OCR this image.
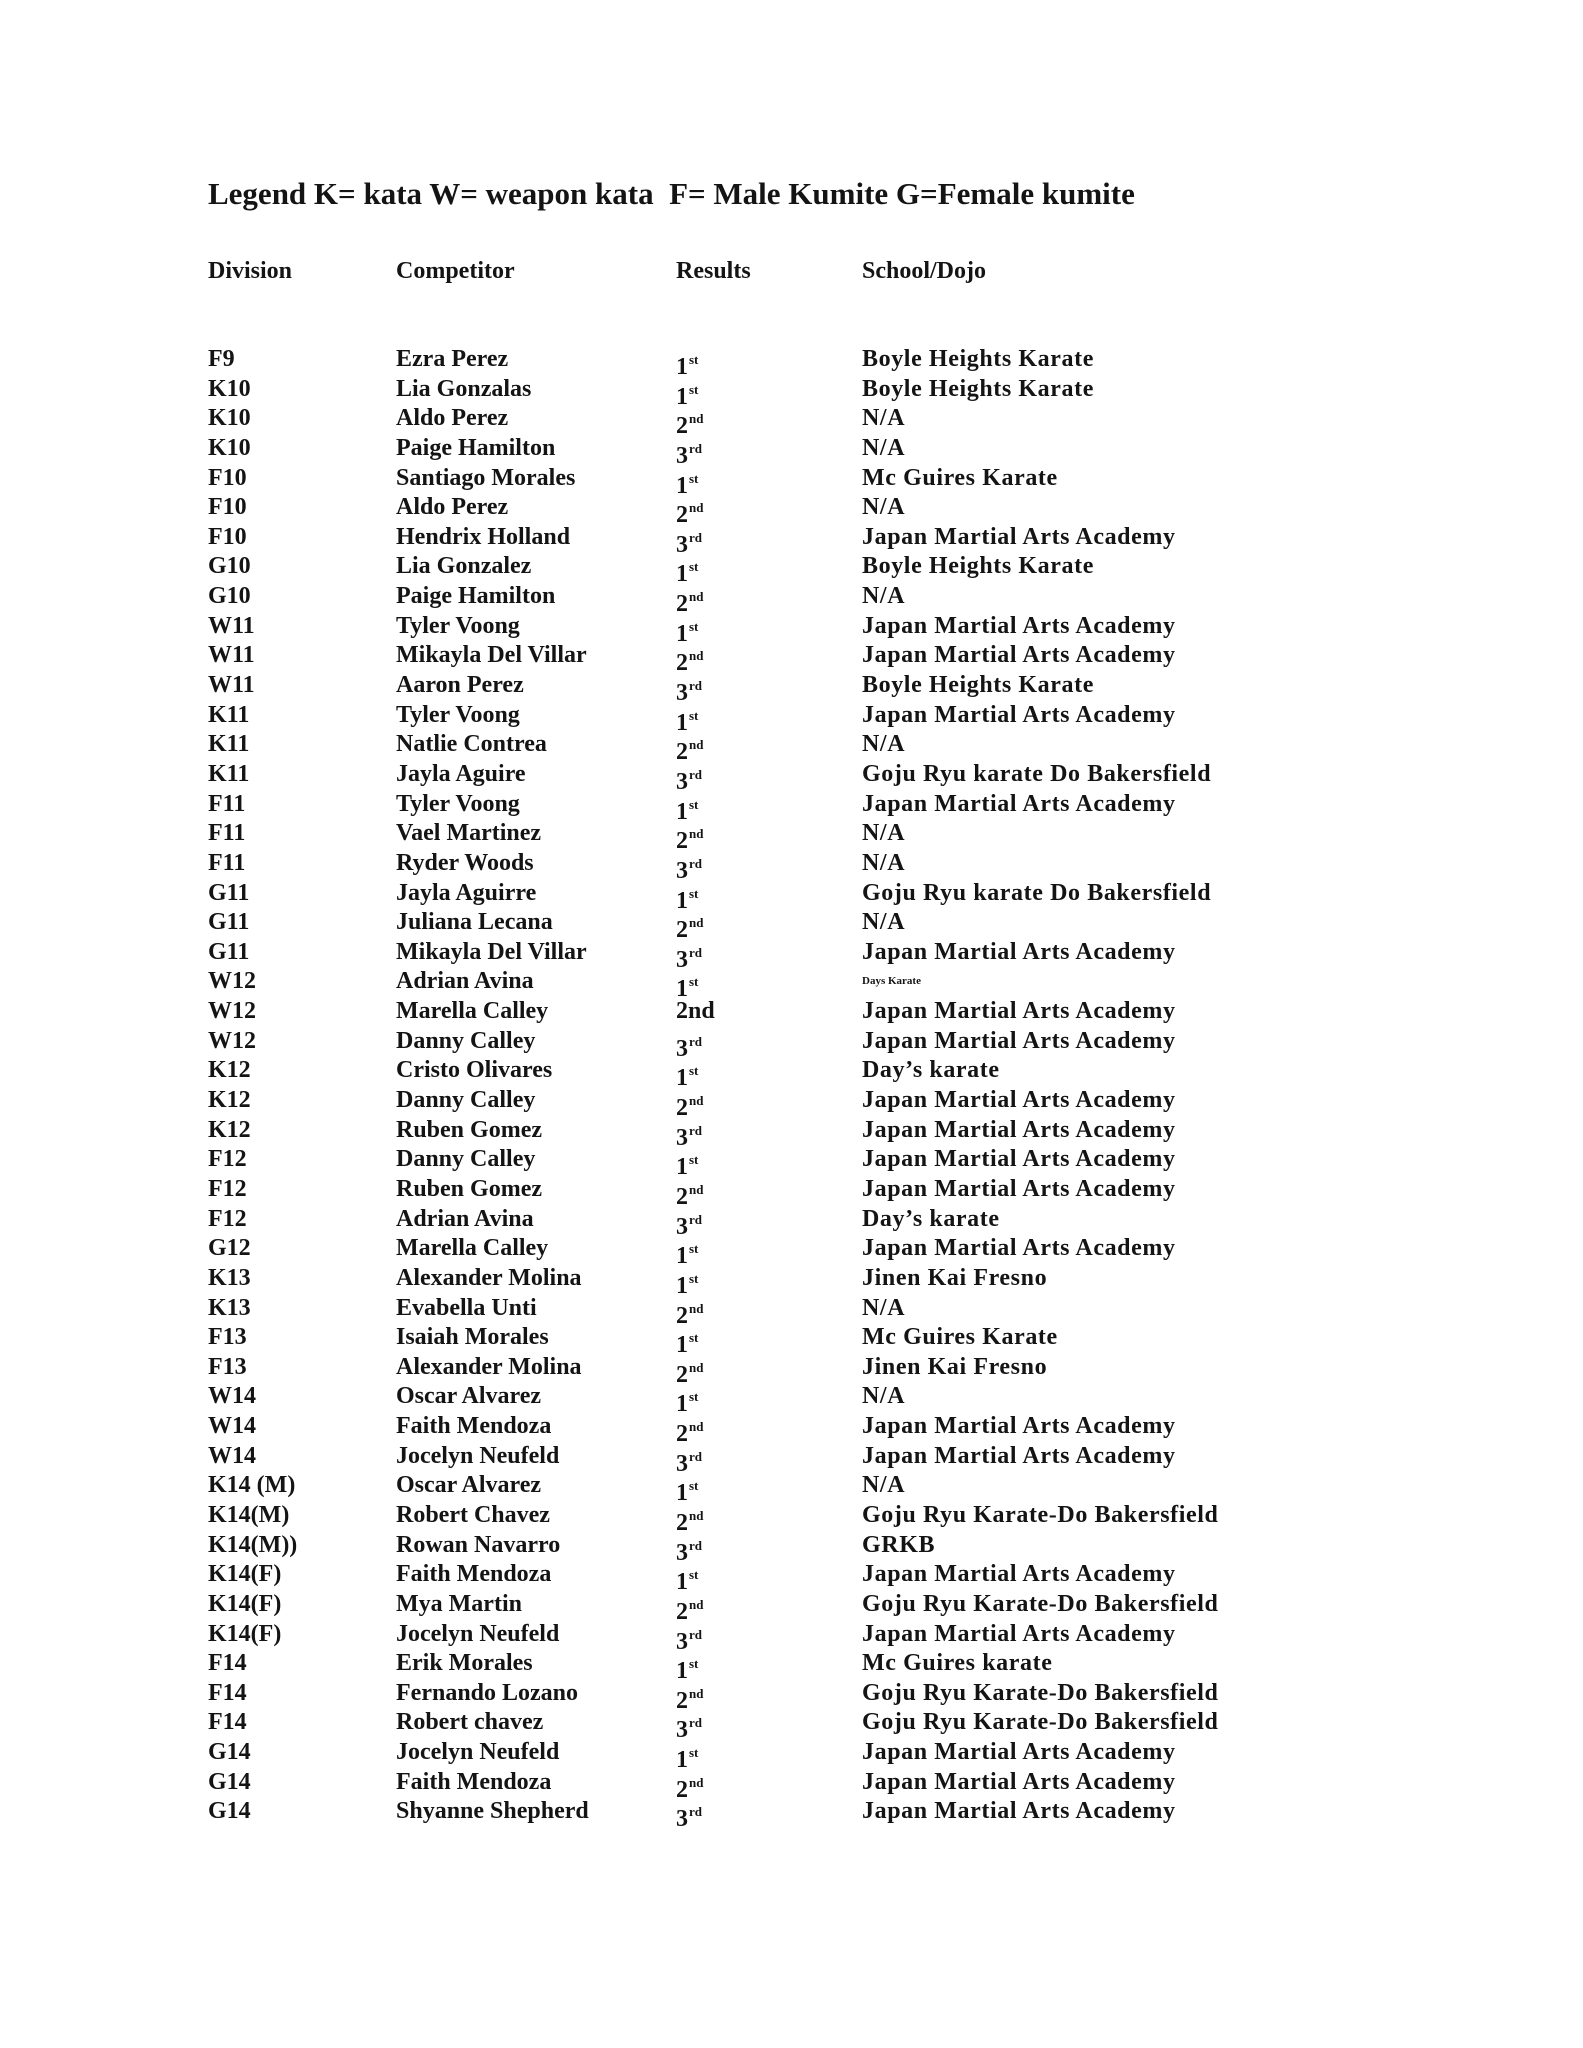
Legend K= kata W= weapon kata  F= Male Kumite G=Female kumite

Division	Competitor	Results	School/Dojo
F9	Ezra Perez	1st	Boyle Heights Karate
K10	Lia Gonzalas	1st	Boyle Heights Karate
K10	Aldo Perez	2nd	N/A
K10	Paige Hamilton	3rd	N/A
F10	Santiago Morales	1st	Mc Guires Karate
F10	Aldo Perez	2nd	N/A
F10	Hendrix Holland	3rd	Japan Martial Arts Academy
G10	Lia Gonzalez	1st	Boyle Heights Karate
G10	Paige Hamilton	2nd	N/A
W11	Tyler Voong	1st	Japan Martial Arts Academy
W11	Mikayla Del Villar	2nd	Japan Martial Arts Academy
W11	Aaron Perez	3rd	Boyle Heights Karate
K11	Tyler Voong	1st	Japan Martial Arts Academy
K11	Natlie Contrea	2nd	N/A
K11	Jayla Aguire	3rd	Goju Ryu karate Do Bakersfield
F11	Tyler Voong	1st	Japan Martial Arts Academy
F11	Vael Martinez	2nd	N/A
F11	Ryder Woods	3rd	N/A
G11	Jayla Aguirre	1st	Goju Ryu karate Do Bakersfield
G11	Juliana Lecana	2nd	N/A
G11	Mikayla Del Villar	3rd	Japan Martial Arts Academy
W12	Adrian Avina	1st	Days Karate
W12	Marella Calley	2nd	Japan Martial Arts Academy
W12	Danny Calley	3rd	Japan Martial Arts Academy
K12	Cristo Olivares	1st	Day’s karate
K12	Danny Calley	2nd	Japan Martial Arts Academy
K12	Ruben Gomez	3rd	Japan Martial Arts Academy
F12	Danny Calley	1st	Japan Martial Arts Academy
F12	Ruben Gomez	2nd	Japan Martial Arts Academy
F12	Adrian Avina	3rd	Day’s karate
G12	Marella Calley	1st	Japan Martial Arts Academy
K13	Alexander Molina	1st	Jinen Kai Fresno
K13	Evabella Unti	2nd	N/A
F13	Isaiah Morales	1st	Mc Guires Karate
F13	Alexander Molina	2nd	Jinen Kai Fresno
W14	Oscar Alvarez	1st	N/A
W14	Faith Mendoza	2nd	Japan Martial Arts Academy
W14	Jocelyn Neufeld	3rd	Japan Martial Arts Academy
K14 (M)	Oscar Alvarez	1st	N/A
K14(M)	Robert Chavez	2nd	Goju Ryu Karate-Do Bakersfield
K14(M))	Rowan Navarro	3rd	GRKB
K14(F)	Faith Mendoza	1st	Japan Martial Arts Academy
K14(F)	Mya Martin	2nd	Goju Ryu Karate-Do Bakersfield
K14(F)	Jocelyn Neufeld	3rd	Japan Martial Arts Academy
F14	Erik Morales	1st	Mc Guires karate
F14	Fernando Lozano	2nd	Goju Ryu Karate-Do Bakersfield
F14	Robert chavez	3rd	Goju Ryu Karate-Do Bakersfield
G14	Jocelyn Neufeld	1st	Japan Martial Arts Academy
G14	Faith Mendoza	2nd	Japan Martial Arts Academy
G14	Shyanne Shepherd	3rd	Japan Martial Arts Academy
